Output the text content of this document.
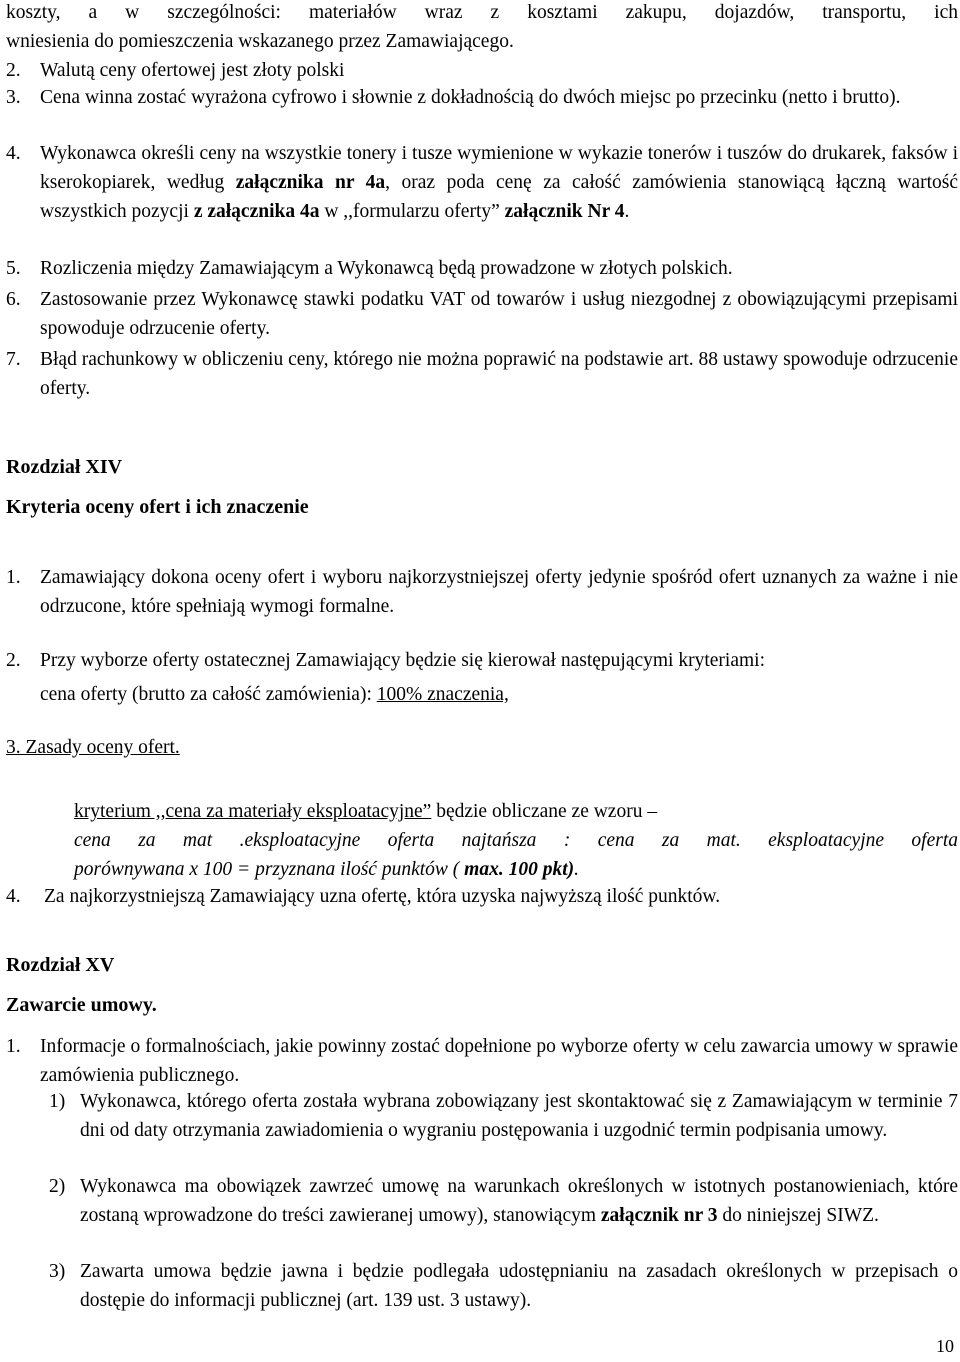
koszty, a w szczególności: materiałów wraz z kosztami zakupu, dojazdów, transportu, ich
wniesienia do pomieszczenia wskazanego przez Zamawiającego.
2. Walutą ceny ofertowej jest złoty polski
3. Cena winna zostać wyrażona cyfrowo i słownie z dokładnością do dwóch miejsc po przecinku (netto i brutto).
4. Wykonawca określi ceny na wszystkie tonery i tusze wymienione w wykazie tonerów i tuszów do drukarek, faksów i kserokopiarek, według załącznika nr 4a, oraz poda cenę za całość zamówienia stanowiącą łączną wartość wszystkich pozycji z załącznika 4a w ,,formularzu oferty” załącznik Nr 4.
5. Rozliczenia między Zamawiającym a Wykonawcą będą prowadzone w złotych polskich.
6. Zastosowanie przez Wykonawcę stawki podatku VAT od towarów i usług niezgodnej z obowiązującymi przepisami spowoduje odrzucenie oferty.
7. Błąd rachunkowy w obliczeniu ceny, którego nie można poprawić na podstawie art. 88 ustawy spowoduje odrzucenie oferty.
Rozdział XIV
Kryteria oceny ofert i ich znaczenie
1. Zamawiający dokona oceny ofert i wyboru najkorzystniejszej oferty jedynie spośród ofert uznanych za ważne i nie odrzucone, które spełniają wymogi formalne.
2. Przy wyborze oferty ostatecznej Zamawiający będzie się kierował następującymi kryteriami:
cena oferty (brutto za całość zamówienia): 100% znaczenia,
3. Zasady oceny ofert.
kryterium ,,cena za materiały eksploatacyjne” będzie obliczane ze wzoru –
cena za mat .eksploatacyjne oferta najtańsza : cena za mat. eksploatacyjne oferta
porównywana x 100 = przyznana ilość punktów ( max. 100 pkt).
4. Za najkorzystniejszą Zamawiający uzna ofertę, która uzyska najwyższą ilość punktów.
Rozdział XV
Zawarcie umowy.
1. Informacje o formalnościach, jakie powinny zostać dopełnione po wyborze oferty w celu zawarcia umowy w sprawie zamówienia publicznego.
1) Wykonawca, którego oferta została wybrana zobowiązany jest skontaktować się z Zamawiającym w terminie 7 dni od daty otrzymania zawiadomienia o wygraniu postępowania i uzgodnić termin podpisania umowy.
2) Wykonawca ma obowiązek zawrzeć umowę na warunkach określonych w istotnych postanowieniach, które zostaną wprowadzone do treści zawieranej umowy), stanowiącym załącznik nr 3 do niniejszej SIWZ.
3) Zawarta umowa będzie jawna i będzie podlegała udostępnianiu na zasadach określonych w przepisach o dostępie do informacji publicznej (art. 139 ust. 3 ustawy).
10
